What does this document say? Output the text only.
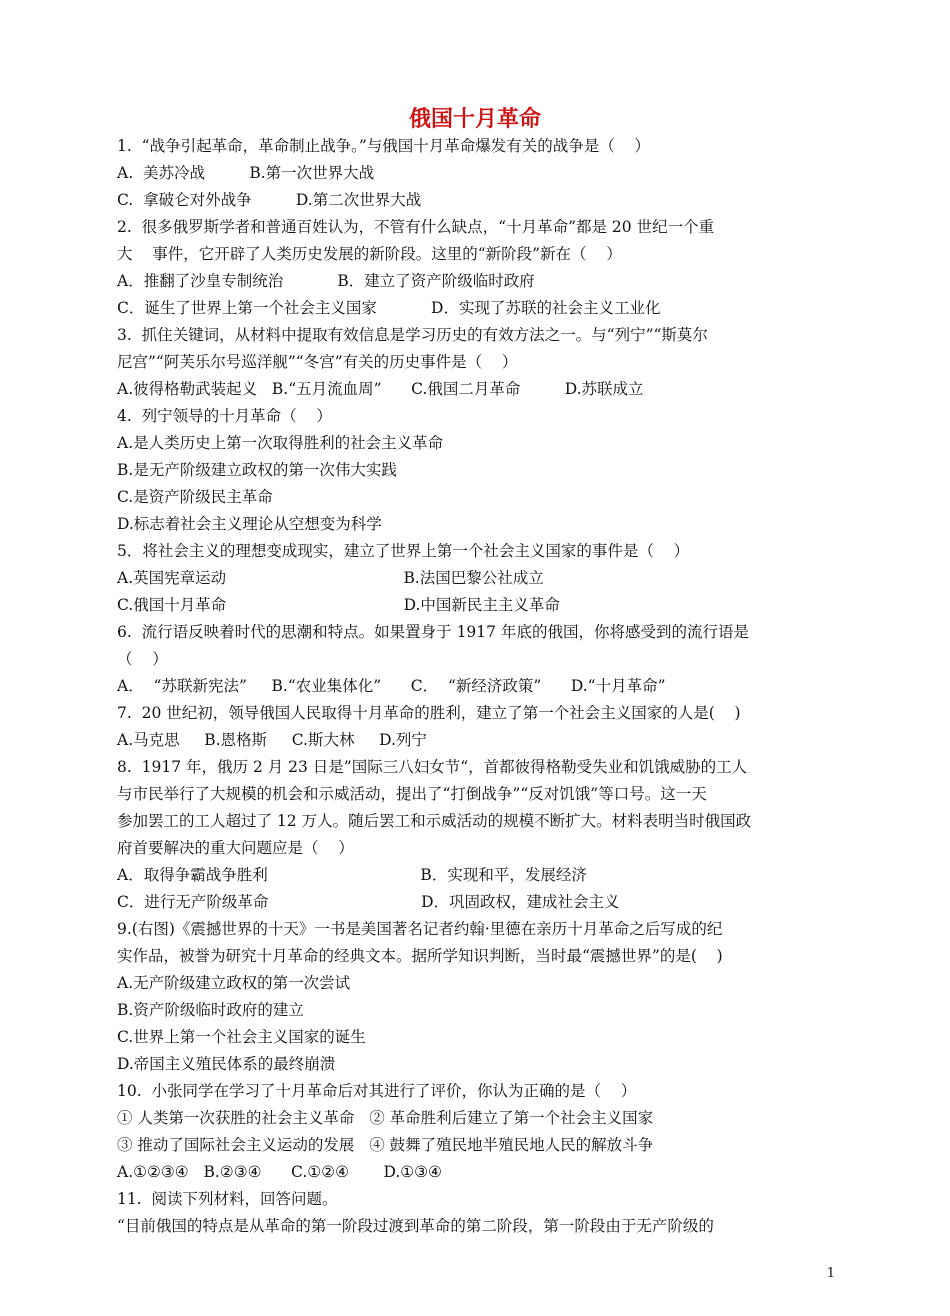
俄国十月革命
1.  “战争引起革命，革命制止战争。”与俄国十月革命爆发有关的战争是（    ）
A.  美苏冷战         B.第一次世界大战
C.  拿破仑对外战争         D.第二次世界大战
2.  很多俄罗斯学者和普通百姓认为，不管有什么缺点，“十月革命”都是 20 世纪一个重
大    事件，它开辟了人类历史发展的新阶段。这里的“新阶段”新在（    ）
A．推翻了沙皇专制统治           B．建立了资产阶级临时政府
C．诞生了世界上第一个社会主义国家           D．实现了苏联的社会主义工业化
3.  抓住关键词，从材料中提取有效信息是学习历史的有效方法之一。与“列宁”“斯莫尔
尼宫”“阿芙乐尔号巡洋舰”“冬宫”有关的历史事件是（    ）
A.彼得格勒武装起义   B.“五月流血周”      C.俄国二月革命         D.苏联成立
4.  列宁领导的十月革命（    ）
A.是人类历史上第一次取得胜利的社会主义革命
B.是无产阶级建立政权的第一次伟大实践
C.是资产阶级民主革命
D.标志着社会主义理论从空想变为科学
5．将社会主义的理想变成现实，建立了世界上第一个社会主义国家的事件是（    ）
A.英国宪章运动                                    B.法国巴黎公社成立
C.俄国十月革命                                    D.中国新民主主义革命
6.  流行语反映着时代的思潮和特点。如果置身于 1917 年底的俄国，你将感受到的流行语是
（    ）
A．  “苏联新宪法”     B.“农业集体化”      C．  “新经济政策”      D.“十月革命”
7.  20 世纪初，领导俄国人民取得十月革命的胜利，建立了第一个社会主义国家的人是(    )
A.马克思     B.恩格斯     C.斯大林     D.列宁
8.  1917 年，俄历 2 月 23 日是”国际三八妇女节“，首都彼得格勒受失业和饥饿威胁的工人
与市民举行了大规模的机会和示威活动，提出了“打倒战争”“反对饥饿”等口号。这一天
参加罢工的工人超过了 12 万人。随后罢工和示威活动的规模不断扩大。材料表明当时俄国政
府首要解决的重大问题应是（    ）
A．取得争霸战争胜利                               B．实现和平，发展经济
C．进行无产阶级革命                               D．巩固政权，建成社会主义
9.(右图)《震撼世界的十天》一书是美国著名记者约翰·里德在亲历十月革命之后写成的纪
实作品，被誉为研究十月革命的经典文本。据所学知识判断，当时最“震撼世界”的是(    )
A.无产阶级建立政权的第一次尝试
B.资产阶级临时政府的建立
C.世界上第一个社会主义国家的诞生
D.帝国主义殖民体系的最终崩溃
10.  小张同学在学习了十月革命后对其进行了评价，你认为正确的是（    ）
① 人类第一次获胜的社会主义革命   ② 革命胜利后建立了第一个社会主义国家
③ 推动了国际社会主义运动的发展   ④ 鼓舞了殖民地半殖民地人民的解放斗争
A.①②③④   B.②③④      C.①②④       D.①③④
11.  阅读下列材料，回答问题。
“目前俄国的特点是从革命的第一阶段过渡到革命的第二阶段，第一阶段由于无产阶级的
1
